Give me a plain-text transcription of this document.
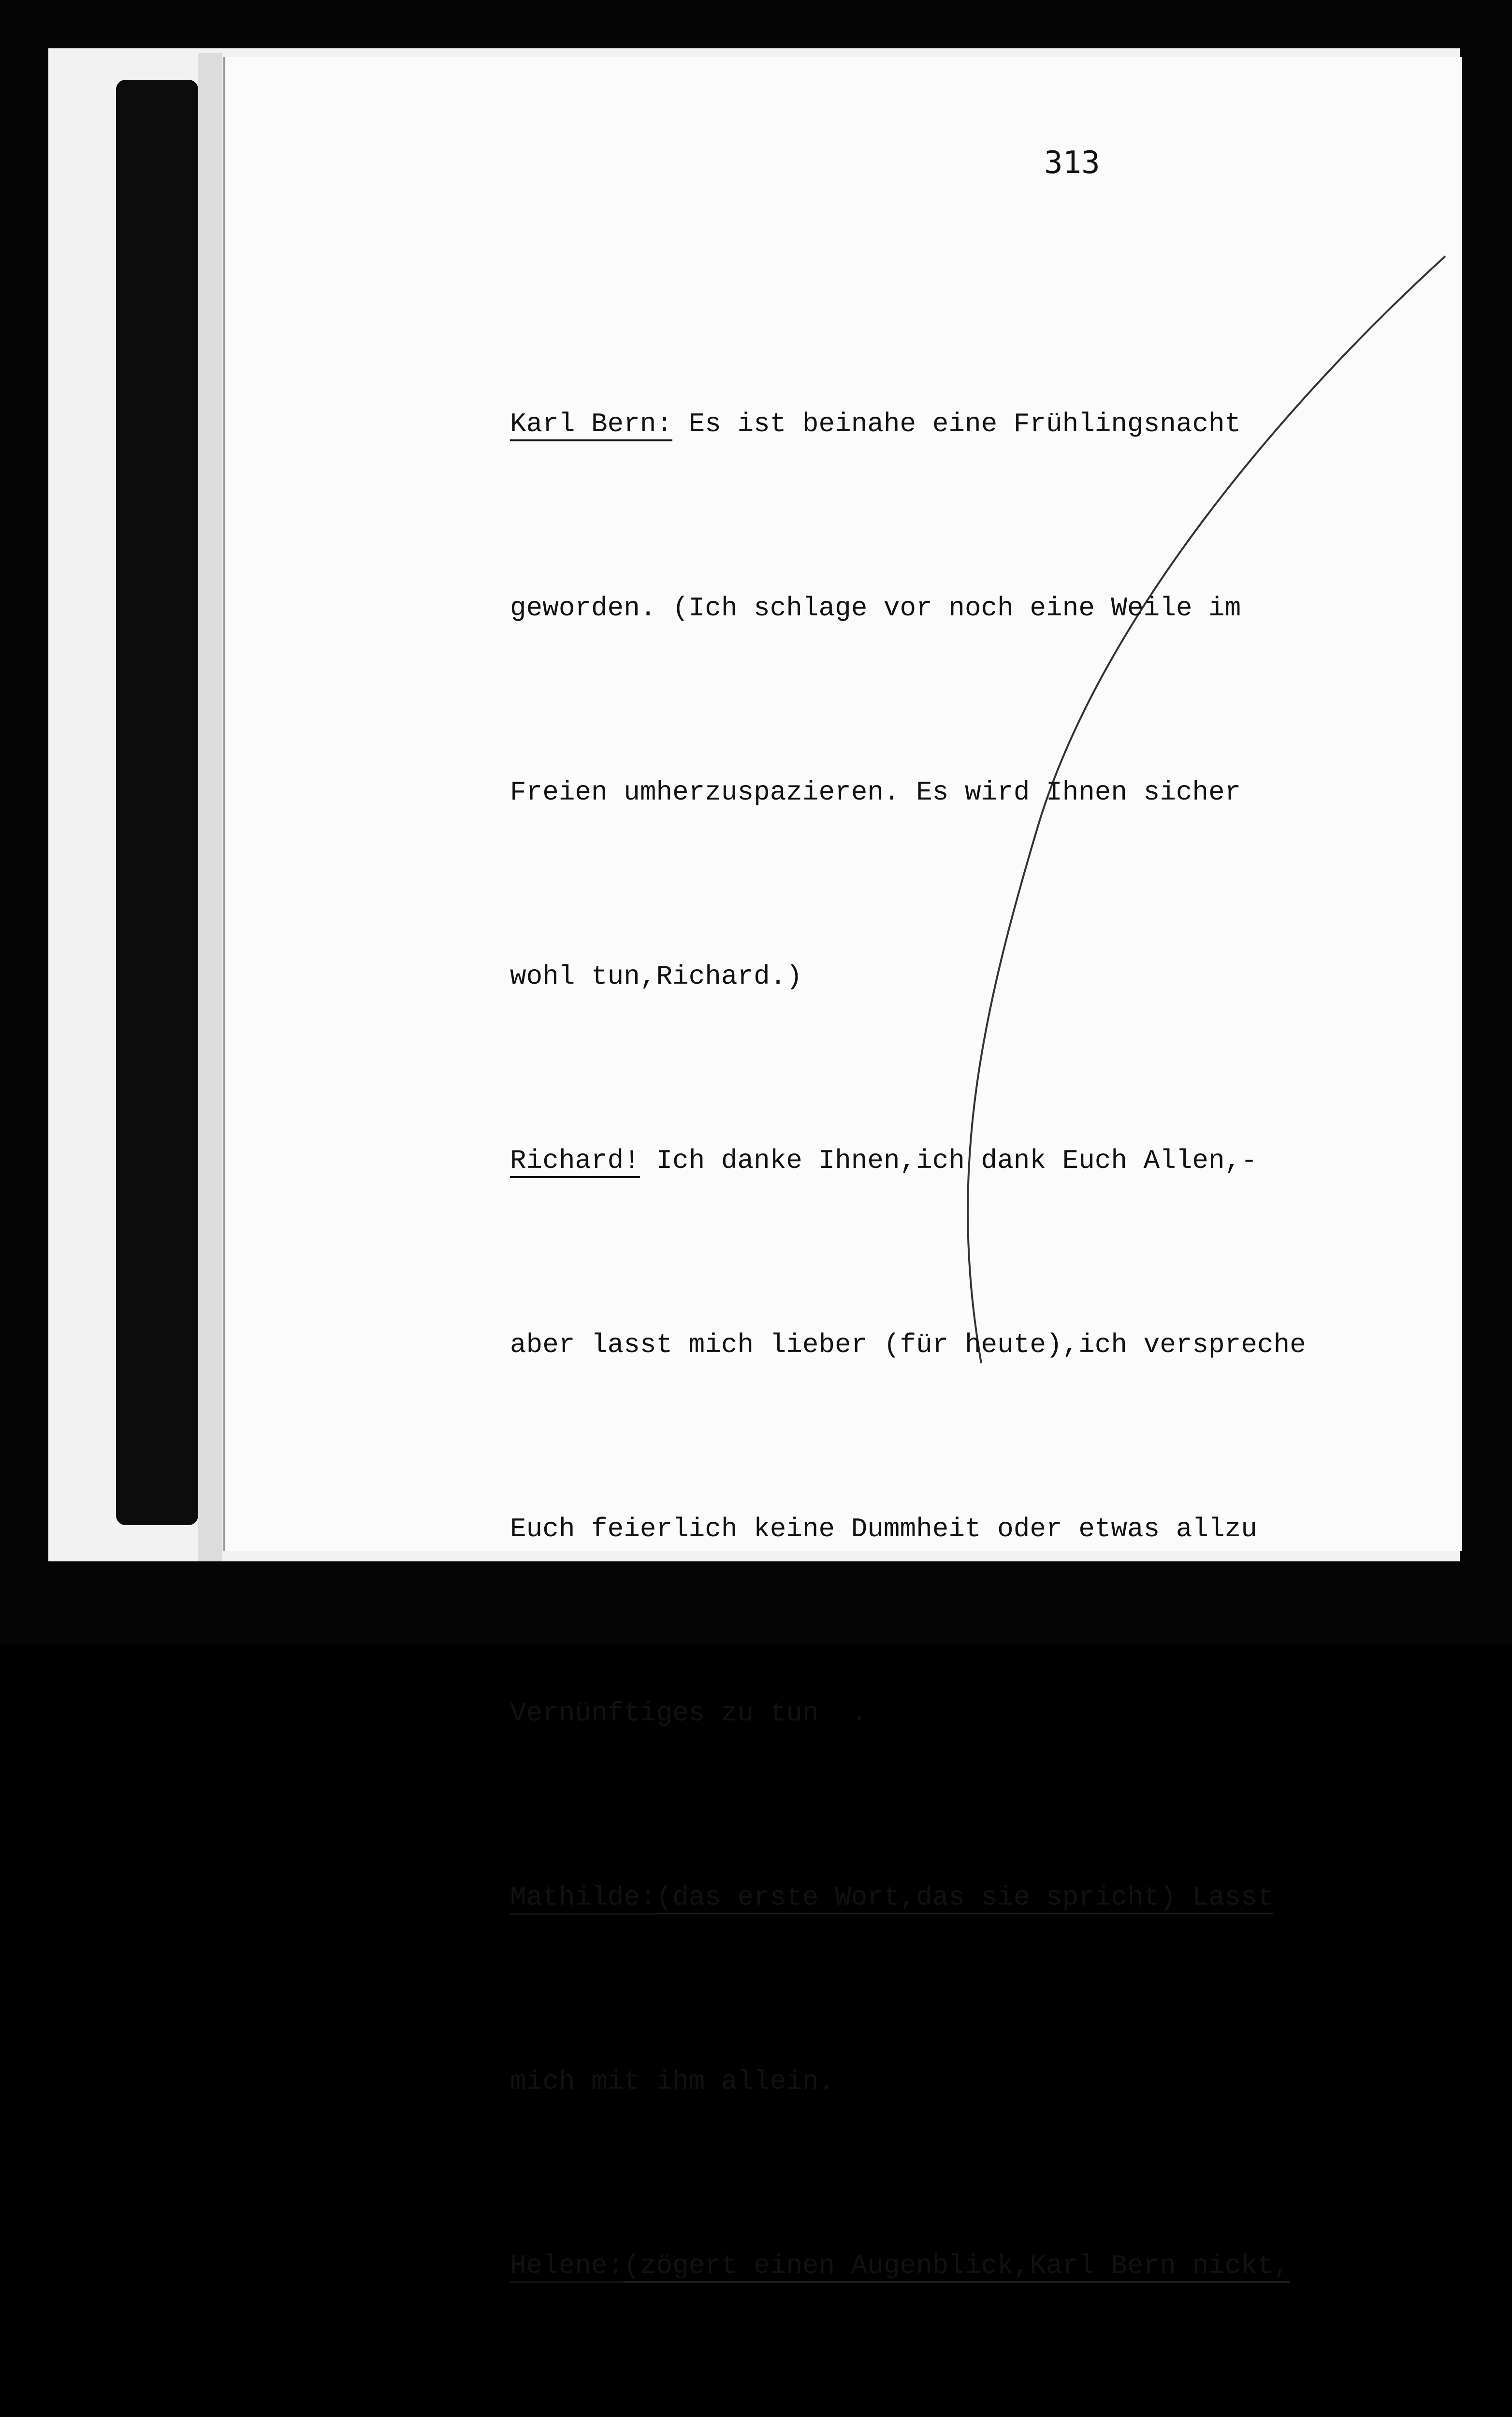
313

Karl Bern: Es ist beinahe eine Frühlingsnacht

geworden. (Ich schlage vor noch eine Weile im

Freien umherzuspazieren. Es wird Ihnen sicher

wohl tun,Richard.)

Richard! Ich danke Ihnen,ich dank Euch Allen,-

aber lasst mich lieber (für heute),ich verspreche

Euch feierlich keine Dummheit oder etwas allzu

Vernünftiges zu tun  .

Mathilde:(das erste Wort,das sie spricht) Lasst

mich mit ihm allein.

Helene:(zögert einen Augenblick,Karl Bern nickt,
